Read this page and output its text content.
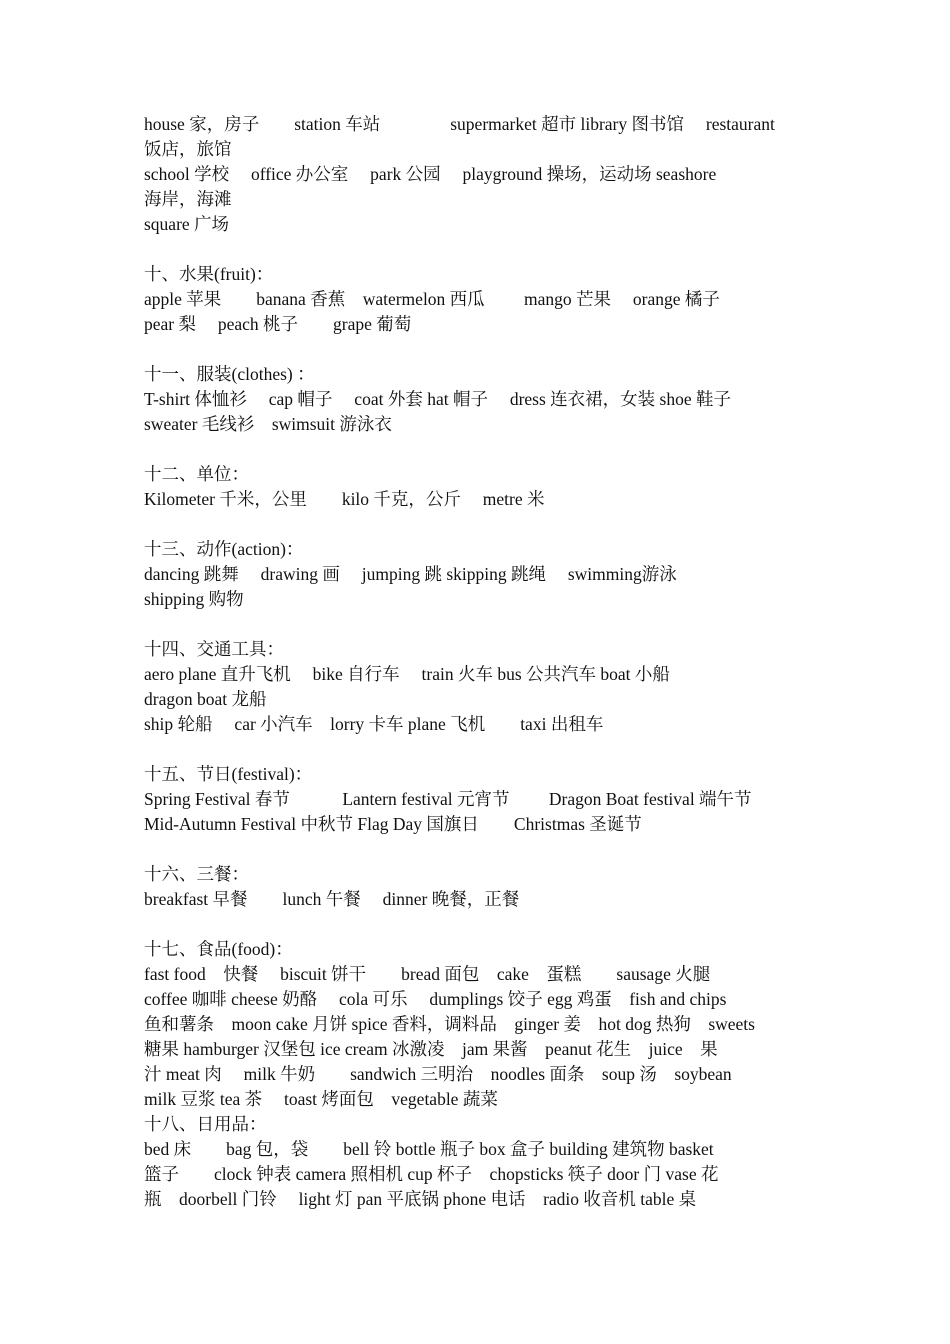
house 家，房子　　station 车站　　　　supermarket 超市 library 图书馆　 restaurant
饭店，旅馆
school 学校　 office 办公室　 park 公园　 playground 操场，运动场 seashore
海岸，海滩
square 广场
十、水果(fruit)：
apple 苹果　　banana 香蕉　watermelon 西瓜　　 mango 芒果　 orange 橘子
pear 梨　 peach 桃子　　grape 葡萄
十一、服装(clothes) ：
T-shirt 体恤衫　 cap 帽子　 coat 外套 hat 帽子　 dress 连衣裙，女装 shoe 鞋子
sweater 毛线衫　swimsuit 游泳衣
十二、单位：
Kilometer 千米，公里　　kilo 千克，公斤　 metre 米
十三、动作(action)：
dancing 跳舞　 drawing 画　 jumping 跳 skipping 跳绳　 swimming游泳
shipping 购物
十四、交通工具：
aero plane 直升飞机　 bike 自行车　 train 火车 bus 公共汽车 boat 小船
dragon boat 龙船
ship 轮船　 car 小汽车　lorry 卡车 plane 飞机　　taxi 出租车
十五、节日(festival)：
Spring Festival 春节　　　Lantern festival 元宵节　　 Dragon Boat festival 端午节
Mid-Autumn Festival 中秋节 Flag Day 国旗日　　Christmas 圣诞节
十六、三餐：
breakfast 早餐　　lunch 午餐　 dinner 晚餐，正餐
十七、食品(food)：
fast food　快餐　 biscuit 饼干　　bread 面包　cake　蛋糕　　sausage 火腿
coffee 咖啡 cheese 奶酪　 cola 可乐　 dumplings 饺子 egg 鸡蛋　fish and chips
鱼和薯条　moon cake 月饼 spice 香料，调料品　ginger 姜　hot dog 热狗　sweets
糖果 hamburger 汉堡包 ice cream 冰激凌　jam 果酱　peanut 花生　juice　果
汁 meat 肉　 milk 牛奶　　sandwich 三明治　noodles 面条　soup 汤　soybean
milk 豆浆 tea 茶　 toast 烤面包　vegetable 蔬菜
十八、日用品：
bed 床　　bag 包，袋　　bell 铃 bottle 瓶子 box 盒子 building 建筑物 basket
篮子　　clock 钟表 camera 照相机 cup 杯子　chopsticks 筷子 door 门 vase 花
瓶　doorbell 门铃　 light 灯 pan 平底锅 phone 电话　radio 收音机 table 桌
